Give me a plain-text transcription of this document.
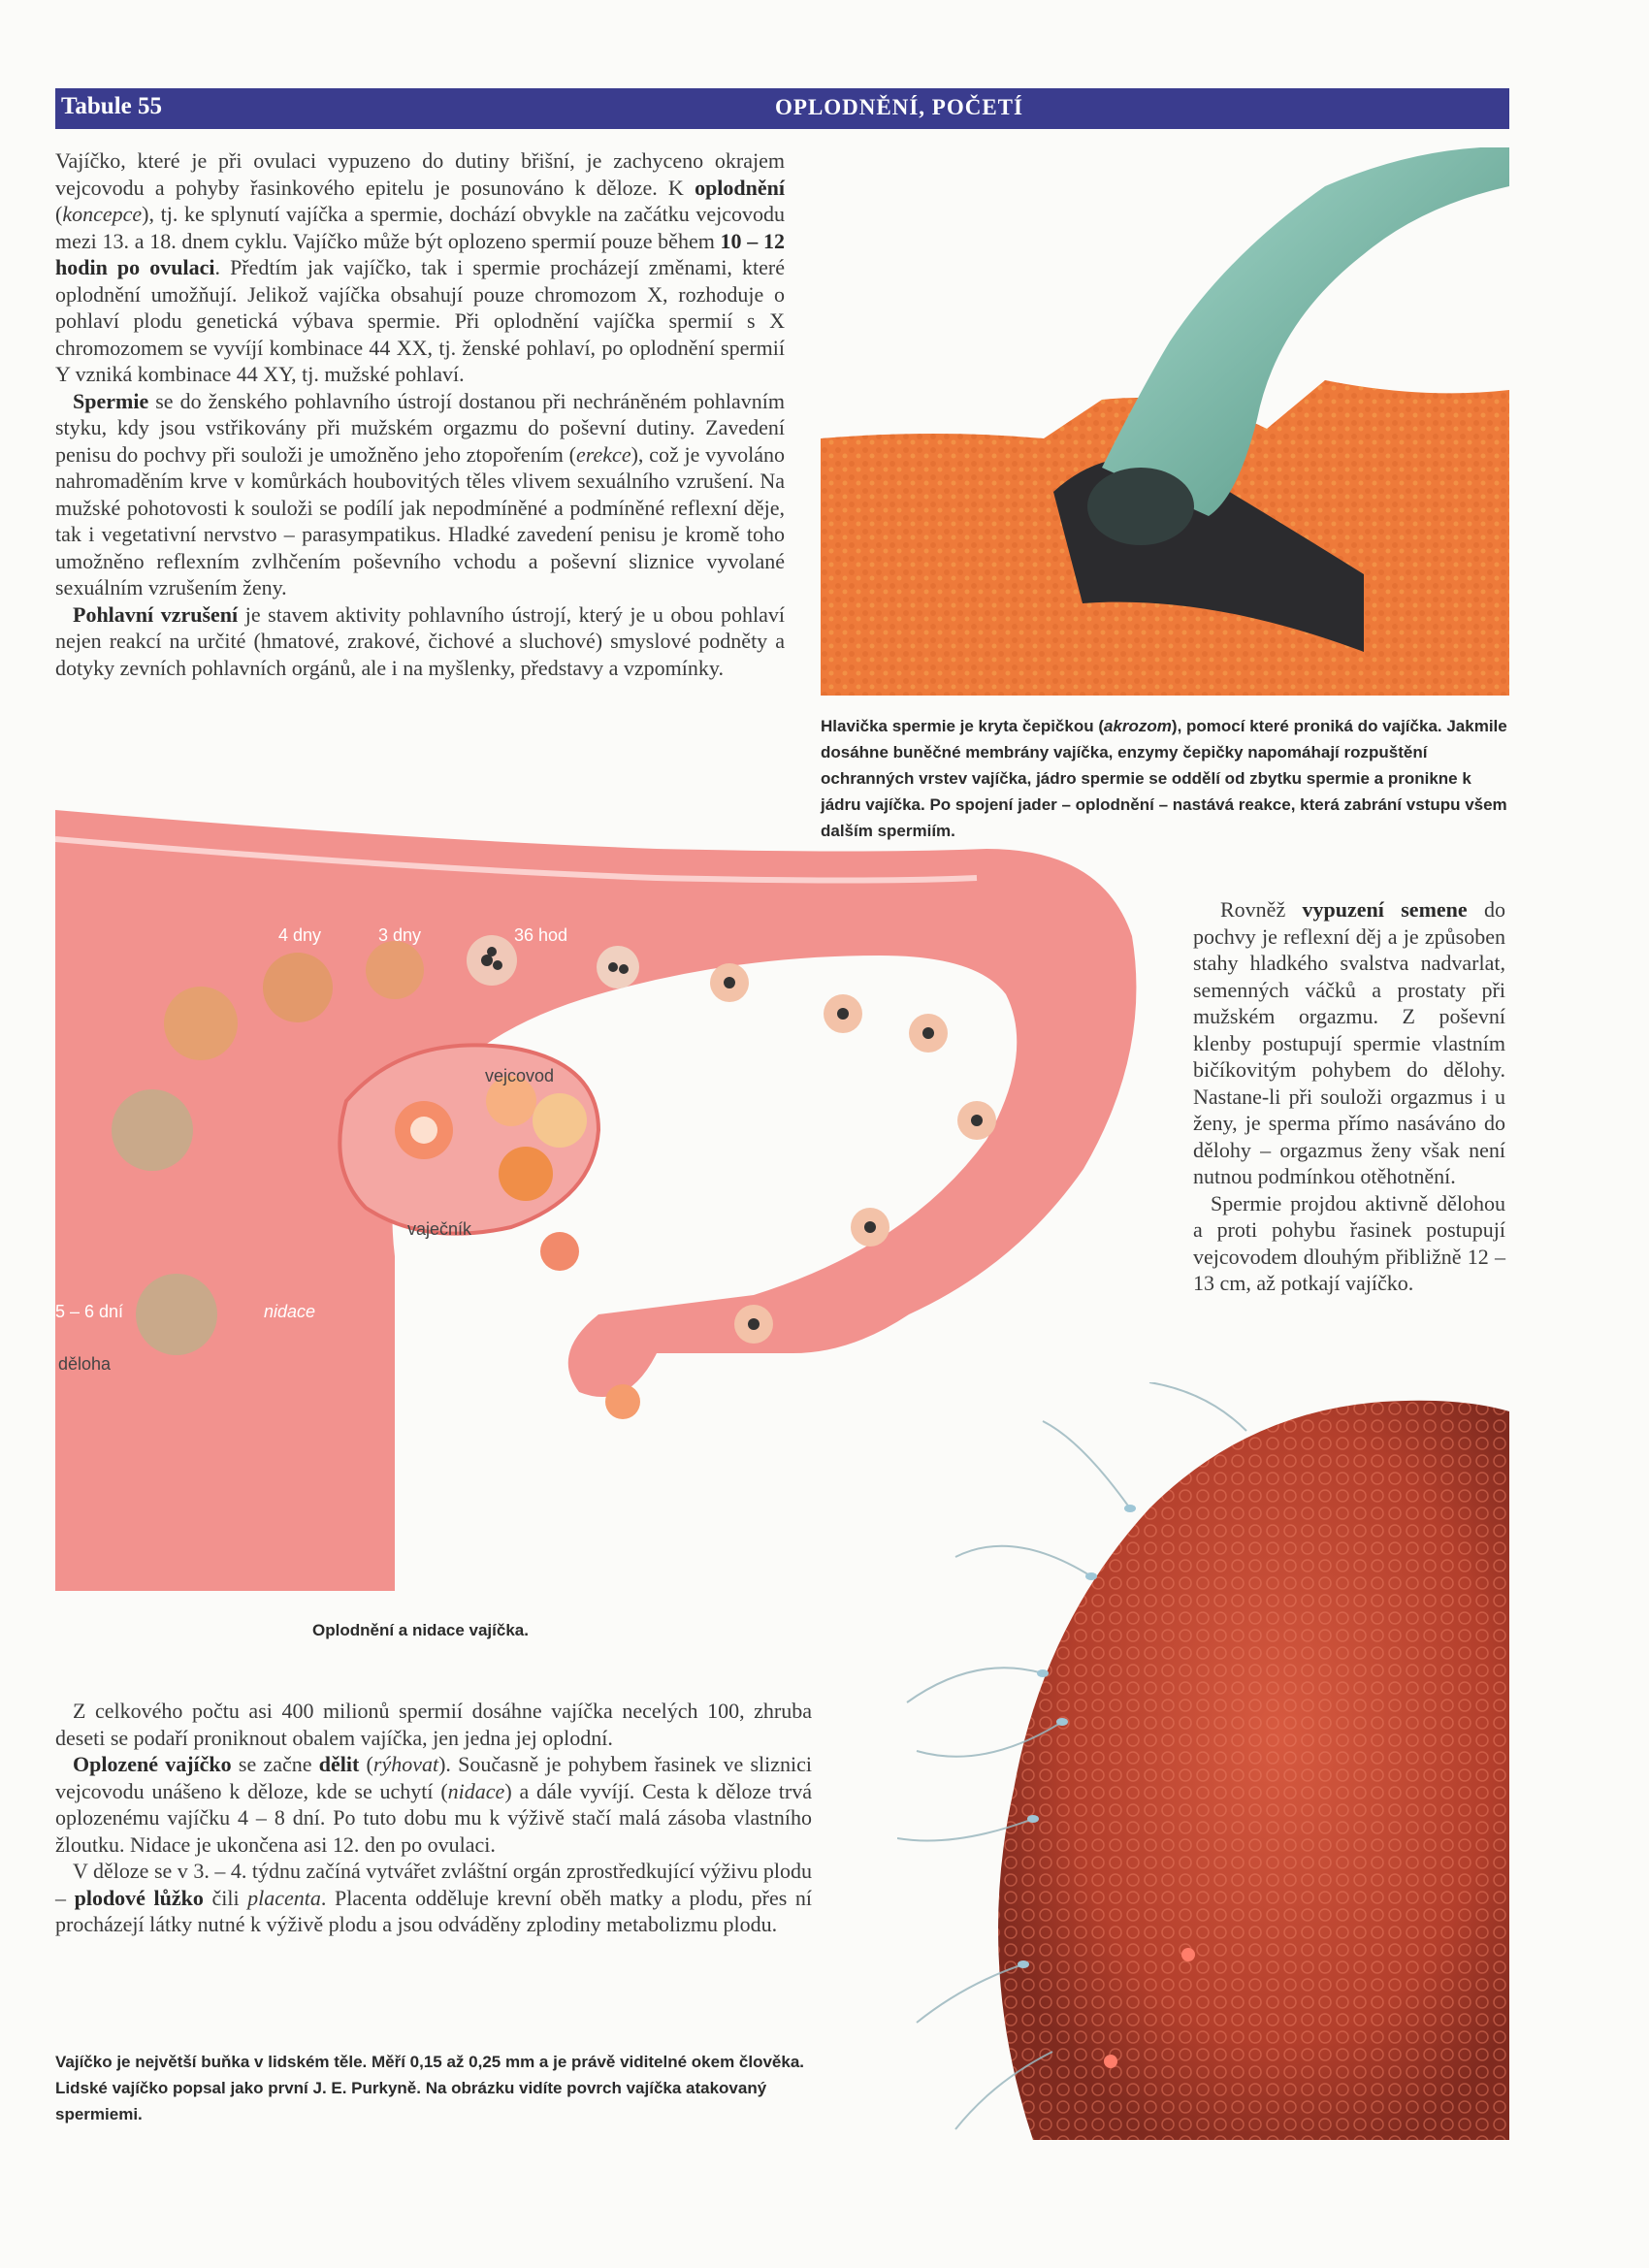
Tabule 55	OPLODNĚNÍ, POČETÍ

Vajíčko, které je při ovulaci vypuzeno do dutiny břišní, je zachyceno okrajem vejcovodu a pohyby řasinkového epitelu je posunováno k děloze. K oplodnění (koncepce), tj. ke splynutí vajíčka a spermie, dochází obvykle na začátku vejcovodu mezi 13. a 18. dnem cyklu. Vajíčko může být oplozeno spermií pouze během 10 – 12 hodin po ovulaci. Předtím jak vajíčko, tak i spermie procházejí změnami, které oplodnění umožňují. Jelikož vajíčka obsahují pouze chromozom X, rozhoduje o pohlaví plodu genetická výbava spermie. Při oplodnění vajíčka spermií s X chromozomem se vyvíjí kombinace 44 XX, tj. ženské pohlaví, po oplodnění spermií Y vzniká kombinace 44 XY, tj. mužské pohlaví.

Spermie se do ženského pohlavního ústrojí dostanou při nechráněném pohlavním styku, kdy jsou vstřikovány při mužském orgazmu do poševní dutiny. Zavedení penisu do pochvy při souloži je umožněno jeho ztopořením (erekce), což je vyvoláno nahromaděním krve v komůrkách houbovitých těles vlivem sexuálního vzrušení. Na mužské pohotovosti k souloži se podílí jak nepodmíněné a podmíněné reflexní děje, tak i vegetativní nervstvo – parasympatikus. Hladké zavedení penisu je kromě toho umožněno reflexním zvlhčením poševního vchodu a poševní sliznice vyvolané sexuálním vzrušením ženy.

Pohlavní vzrušení je stavem aktivity pohlavního ústrojí, který je u obou pohlaví nejen reakcí na určité (hmatové, zrakové, čichové a sluchové) smyslové podněty a dotyky zevních pohlavních orgánů, ale i na myšlenky, představy a vzpomínky.

Hlavička spermie je kryta čepičkou (akrozom), pomocí které proniká do vajíčka. Jakmile dosáhne buněčné membrány vajíčka, enzymy čepičky napomáhají rozpuštění ochranných vrstev vajíčka, jádro spermie se oddělí od zbytku spermie a pronikne k jádru vajíčka. Po spojení jader – oplodnění – nastává reakce, která zabrání vstupu všem dalším spermiím.
4 dny	3 dny	36 hod
vejcovod
vaječník
5 – 6 dní	nidace
děloha
Oplodnění a nidace vajíčka.

Rovněž vypuzení semene do pochvy je reflexní děj a je způsoben stahy hladkého svalstva nadvarlat, semenných váčků a prostaty při mužském orgazmu. Z poševní klenby postupují spermie vlastním bičíkovitým pohybem do dělohy. Nastane-li při souloži orgazmus i u ženy, je sperma přímo nasáváno do dělohy – orgazmus ženy však není nutnou podmínkou otěhotnění.

Spermie projdou aktivně dělohou a proti pohybu řasinek postupují vejcovodem dlouhým přibližně 12 – 13 cm, až potkají vajíčko.

Z celkového počtu asi 400 milionů spermií dosáhne vajíčka necelých 100, zhruba deseti se podaří proniknout obalem vajíčka, jen jedna jej oplodní.

Oplozené vajíčko se začne dělit (rýhovat). Současně je pohybem řasinek ve sliznici vejcovodu unášeno k děloze, kde se uchytí (nidace) a dále vyvíjí. Cesta k děloze trvá oplozenému vajíčku 4 – 8 dní. Po tuto dobu mu k výživě stačí malá zásoba vlastního žloutku. Nidace je ukončena asi 12. den po ovulaci.

V děloze se v 3. – 4. týdnu začíná vytvářet zvláštní orgán zprostředkující výživu plodu – plodové lůžko čili placenta. Placenta odděluje krevní oběh matky a plodu, přes ní procházejí látky nutné k výživě plodu a jsou odváděny zplodiny metabolizmu plodu.

Vajíčko je největší buňka v lidském těle. Měří 0,15 až 0,25 mm a je právě viditelné okem člověka. Lidské vajíčko popsal jako první J. E. Purkyně. Na obrázku vidíte povrch vajíčka atakovaný spermiemi.
